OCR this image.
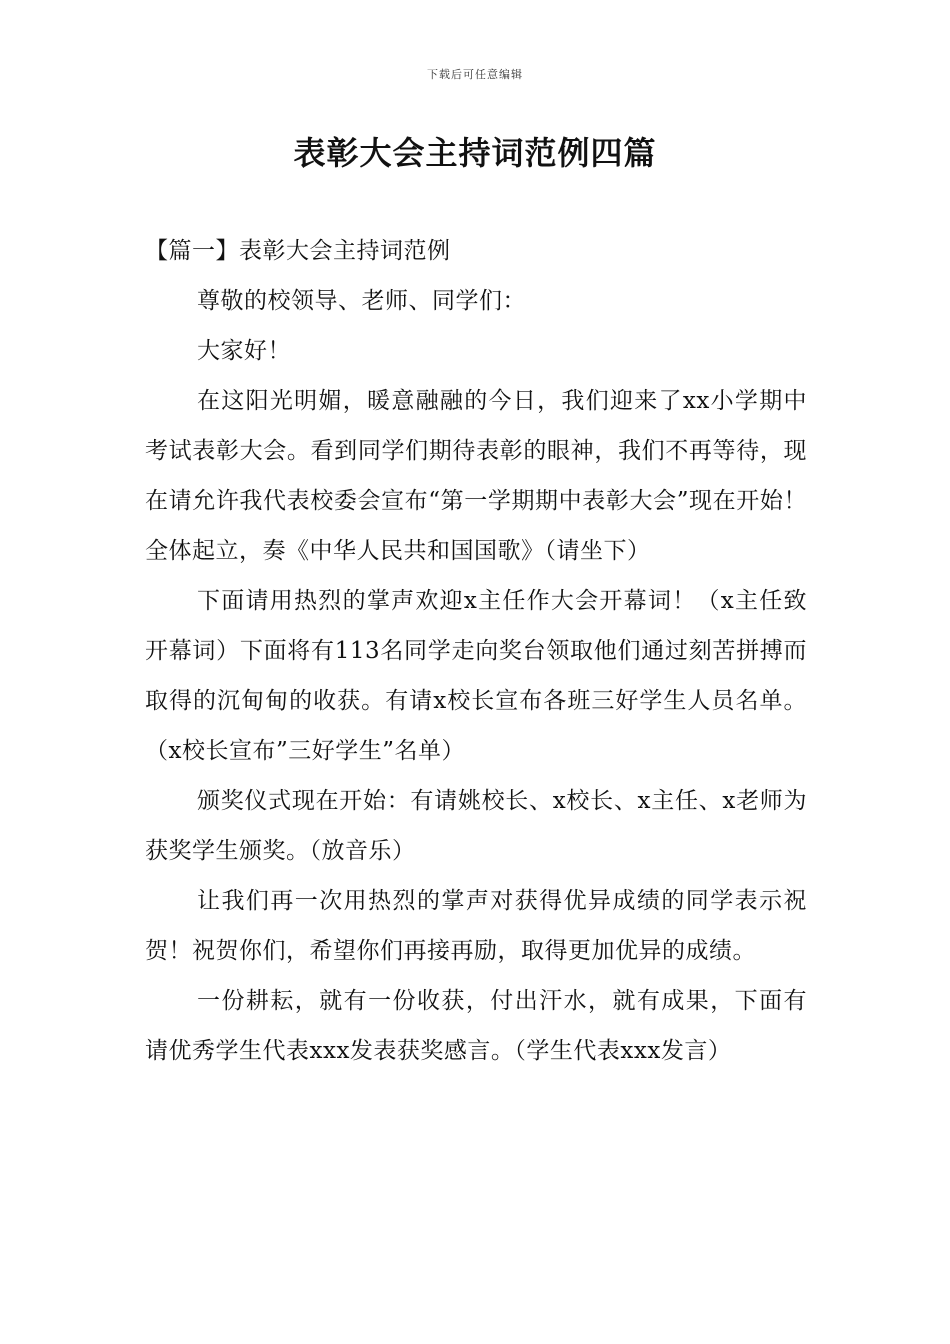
下载后可任意编辑
表彰大会主持词范例四篇

【篇一】表彰大会主持词范例

尊敬的校领导、老师、同学们：

大家好！

在这阳光明媚，暖意融融的今日，我们迎来了xx小学期中考试表彰大会。看到同学们期待表彰的眼神，我们不再等待，现在请允许我代表校委会宣布“第一学期期中表彰大会”现在开始！全体起立，奏《中华人民共和国国歌》（请坐下）

下面请用热烈的掌声欢迎x主任作大会开幕词！（x主任致开幕词）下面将有113名同学走向奖台领取他们通过刻苦拼搏而取得的沉甸甸的收获。有请x校长宣布各班三好学生人员名单。（x校长宣布”三好学生”名单）

颁奖仪式现在开始：有请姚校长、x校长、x主任、x老师为获奖学生颁奖。（放音乐）

让我们再一次用热烈的掌声对获得优异成绩的同学表示祝贺！祝贺你们，希望你们再接再励，取得更加优异的成绩。

一份耕耘，就有一份收获，付出汗水，就有成果，下面有请优秀学生代表xxx发表获奖感言。（学生代表xxx发言）
